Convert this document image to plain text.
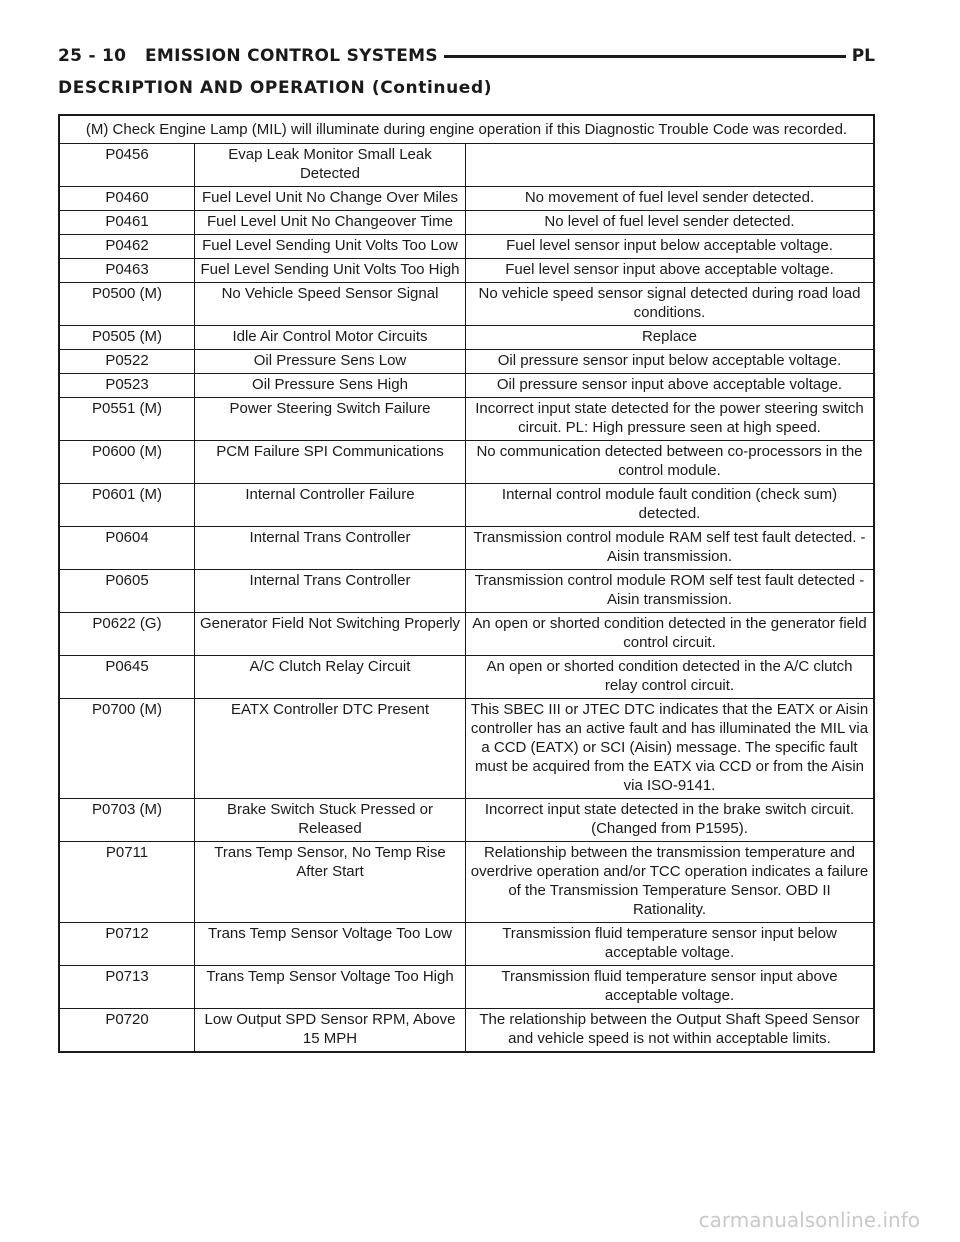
25 - 10   EMISSION CONTROL SYSTEMS	PL
DESCRIPTION AND OPERATION (Continued)
(M) Check Engine Lamp (MIL) will illuminate during engine operation if this Diagnostic Trouble Code was recorded.		
P0456	Evap Leak Monitor Small Leak Detected	
P0460	Fuel Level Unit No Change Over Miles	No movement of fuel level sender detected.
P0461	Fuel Level Unit No Changeover Time	No level of fuel level sender detected.
P0462	Fuel Level Sending Unit Volts Too Low	Fuel level sensor input below acceptable voltage.
P0463	Fuel Level Sending Unit Volts Too High	Fuel level sensor input above acceptable voltage.
P0500 (M)	No Vehicle Speed Sensor Signal	No vehicle speed sensor signal detected during road load conditions.
P0505 (M)	Idle Air Control Motor Circuits	Replace
P0522	Oil Pressure Sens Low	Oil pressure sensor input below acceptable voltage.
P0523	Oil Pressure Sens High	Oil pressure sensor input above acceptable voltage.
P0551 (M)	Power Steering Switch Failure	Incorrect input state detected for the power steering switch circuit. PL: High pressure seen at high speed.
P0600 (M)	PCM Failure SPI Communications	No communication detected between co-processors in the control module.
P0601 (M)	Internal Controller Failure	Internal control module fault condition (check sum) detected.
P0604	Internal Trans Controller	Transmission control module RAM self test fault detected. -Aisin transmission.
P0605	Internal Trans Controller	Transmission control module ROM self test fault detected -Aisin transmission.
P0622 (G)	Generator Field Not Switching Properly	An open or shorted condition detected in the generator field control circuit.
P0645	A/C Clutch Relay Circuit	An open or shorted condition detected in the A/C clutch relay control circuit.
P0700 (M)	EATX Controller DTC Present	This SBEC III or JTEC DTC indicates that the EATX or Aisin controller has an active fault and has illuminated the MIL via a CCD (EATX) or SCI (Aisin) message. The specific fault must be acquired from the EATX via CCD or from the Aisin via ISO-9141.
P0703 (M)	Brake Switch Stuck Pressed or Released	Incorrect input state detected in the brake switch circuit. (Changed from P1595).
P0711	Trans Temp Sensor, No Temp Rise After Start	Relationship between the transmission temperature and overdrive operation and/or TCC operation indicates a failure of the Transmission Temperature Sensor. OBD II Rationality.
P0712	Trans Temp Sensor Voltage Too Low	Transmission fluid temperature sensor input below acceptable voltage.
P0713	Trans Temp Sensor Voltage Too High	Transmission fluid temperature sensor input above acceptable voltage.
P0720	Low Output SPD Sensor RPM, Above 15 MPH	The relationship between the Output Shaft Speed Sensor and vehicle speed is not within acceptable limits.
carmanualsonline.info
